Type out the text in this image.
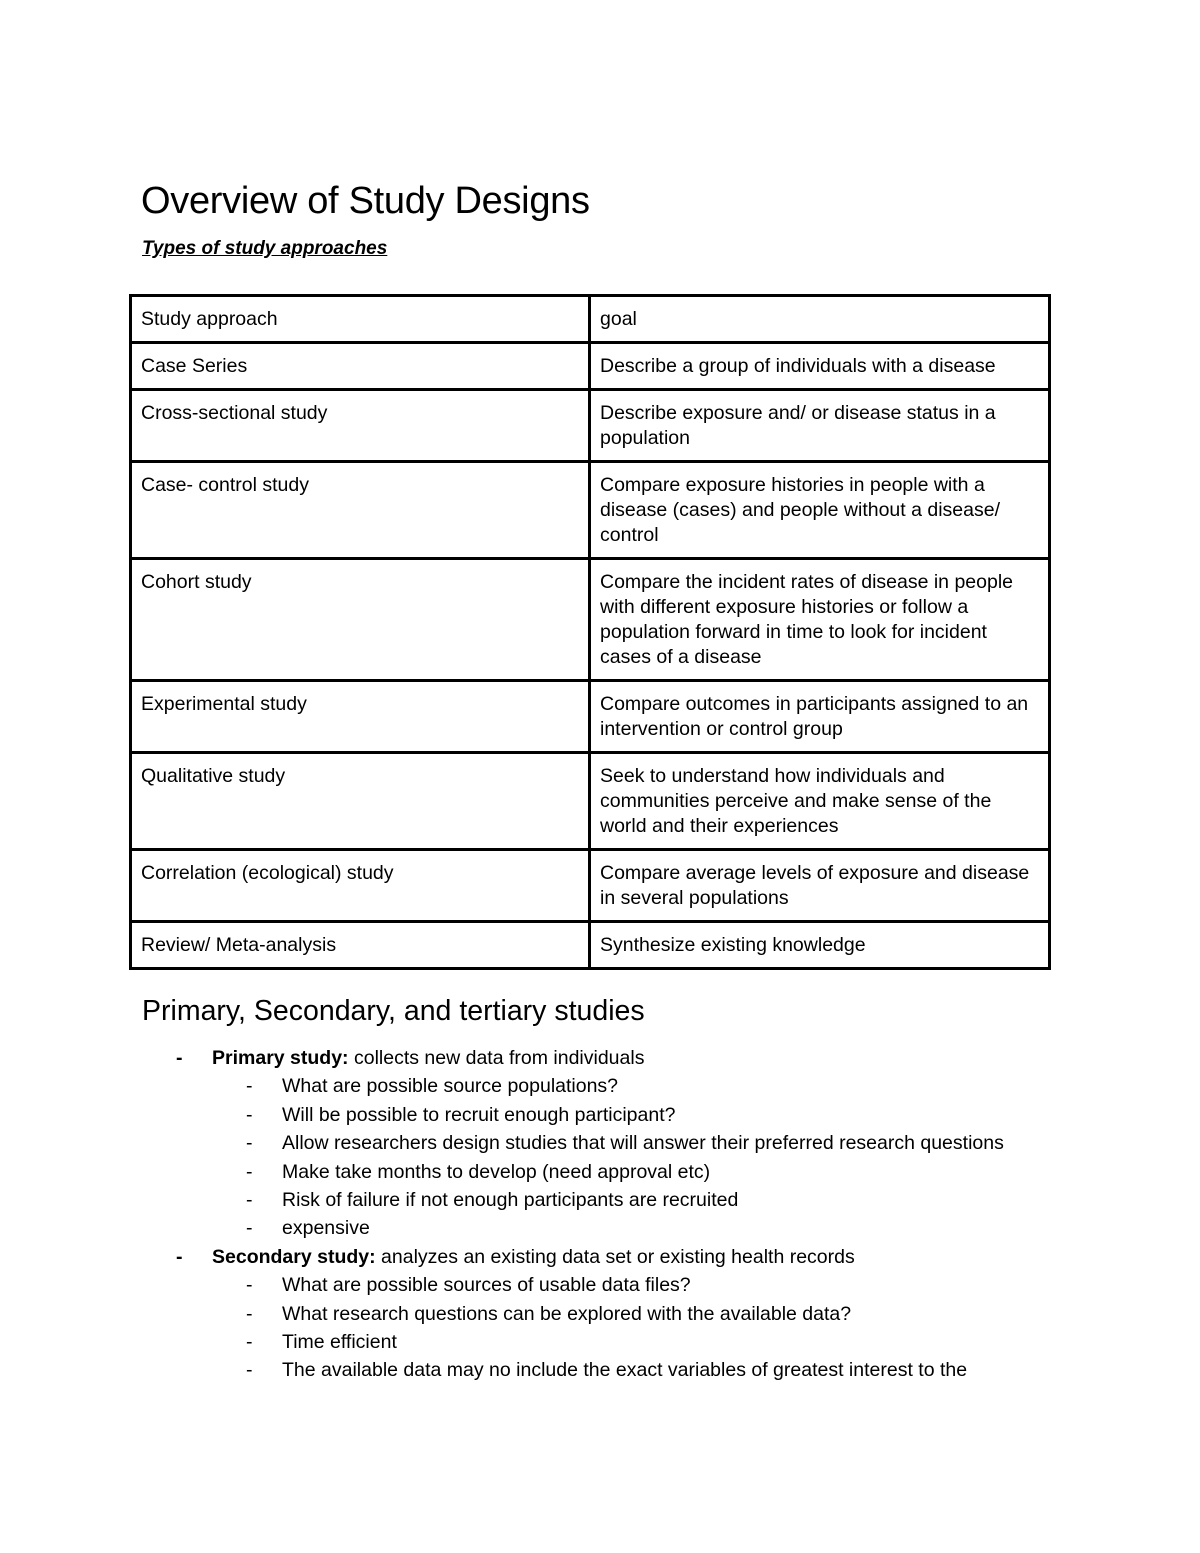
Overview of Study Designs
Types of study approaches
Study approach	goal
Case Series	Describe a group of individuals with a disease
Cross-sectional study	Describe exposure and/ or disease status in a population
Case- control study	Compare exposure histories in people with a disease (cases) and people without a disease/ control
Cohort study	Compare the incident rates of disease in people with different exposure histories or follow a population forward in time to look for incident cases of a disease
Experimental study	Compare outcomes in participants assigned to an intervention or control group
Qualitative study	Seek to understand how individuals and communities perceive and make sense of the world and their experiences
Correlation (ecological) study	Compare average levels of exposure and disease in several populations
Review/ Meta-analysis	Synthesize existing knowledge
Primary, Secondary, and tertiary studies
- Primary study: collects new data from individuals
- What are possible source populations?
- Will be possible to recruit enough participant?
- Allow researchers design studies that will answer their preferred research questions
- Make take months to develop (need approval etc)
- Risk of failure if not enough participants are recruited
- expensive
- Secondary study: analyzes an existing data set or existing health records
- What are possible sources of usable data files?
- What research questions can be explored with the available data?
- Time efficient
- The available data may no include the exact variables of greatest interest to the
